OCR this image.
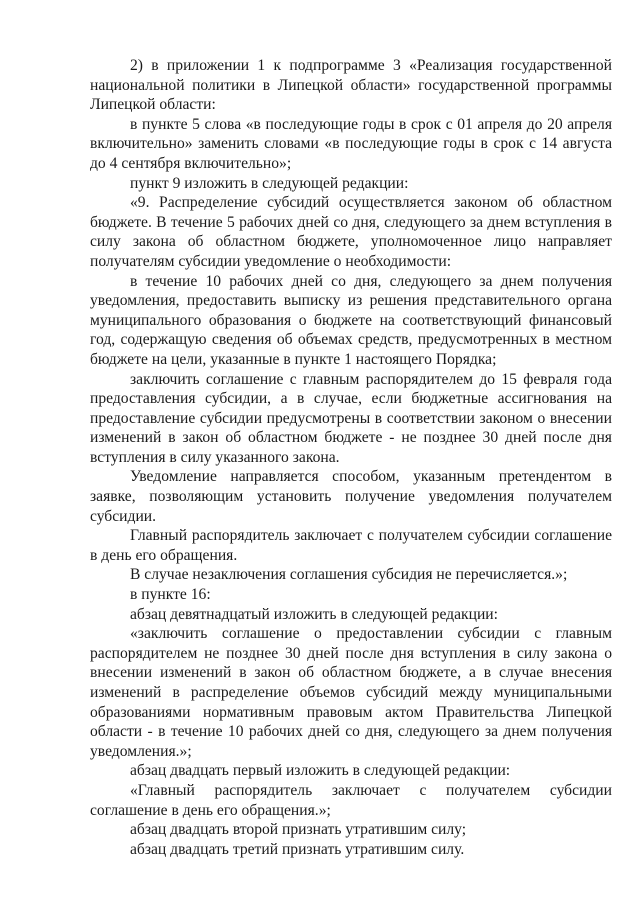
2) в приложении 1 к подпрограмме 3 «Реализация государственной национальной политики в Липецкой области» государственной программы Липецкой области:

в пункте 5 слова «в последующие годы в срок с 01 апреля до 20 апреля включительно» заменить словами «в последующие годы в срок с 14 августа до 4 сентября включительно»;

пункт 9 изложить в следующей редакции:

«9. Распределение субсидий осуществляется законом об областном бюджете. В течение 5 рабочих дней со дня, следующего за днем вступления в силу закона об областном бюджете, уполномоченное лицо направляет получателям субсидии уведомление о необходимости:

в течение 10 рабочих дней со дня, следующего за днем получения уведомления, предоставить выписку из решения представительного органа муниципального образования о бюджете на соответствующий финансовый год, содержащую сведения об объемах средств, предусмотренных в местном бюджете на цели, указанные в пункте 1 настоящего Порядка;

заключить соглашение с главным распорядителем до 15 февраля года предоставления субсидии, а в случае, если бюджетные ассигнования на предоставление субсидии предусмотрены в соответствии законом о внесении изменений в закон об областном бюджете - не позднее 30 дней после дня вступления в силу указанного закона.

Уведомление направляется способом, указанным претендентом в заявке, позволяющим установить получение уведомления получателем субсидии.

Главный распорядитель заключает с получателем субсидии соглашение в день его обращения.

В случае незаключения соглашения субсидия не перечисляется.»;

в пункте 16:

абзац девятнадцатый изложить в следующей редакции:

«заключить соглашение о предоставлении субсидии с главным распорядителем не позднее 30 дней после дня вступления в силу закона о внесении изменений в закон об областном бюджете, а в случае внесения изменений в распределение объемов субсидий между муниципальными образованиями нормативным правовым актом Правительства Липецкой области - в течение 10 рабочих дней со дня, следующего за днем получения уведомления.»;

абзац двадцать первый изложить в следующей редакции:

«Главный распорядитель заключает с получателем субсидии соглашение в день его обращения.»;

абзац двадцать второй признать утратившим силу;

абзац двадцать третий признать утратившим силу.
